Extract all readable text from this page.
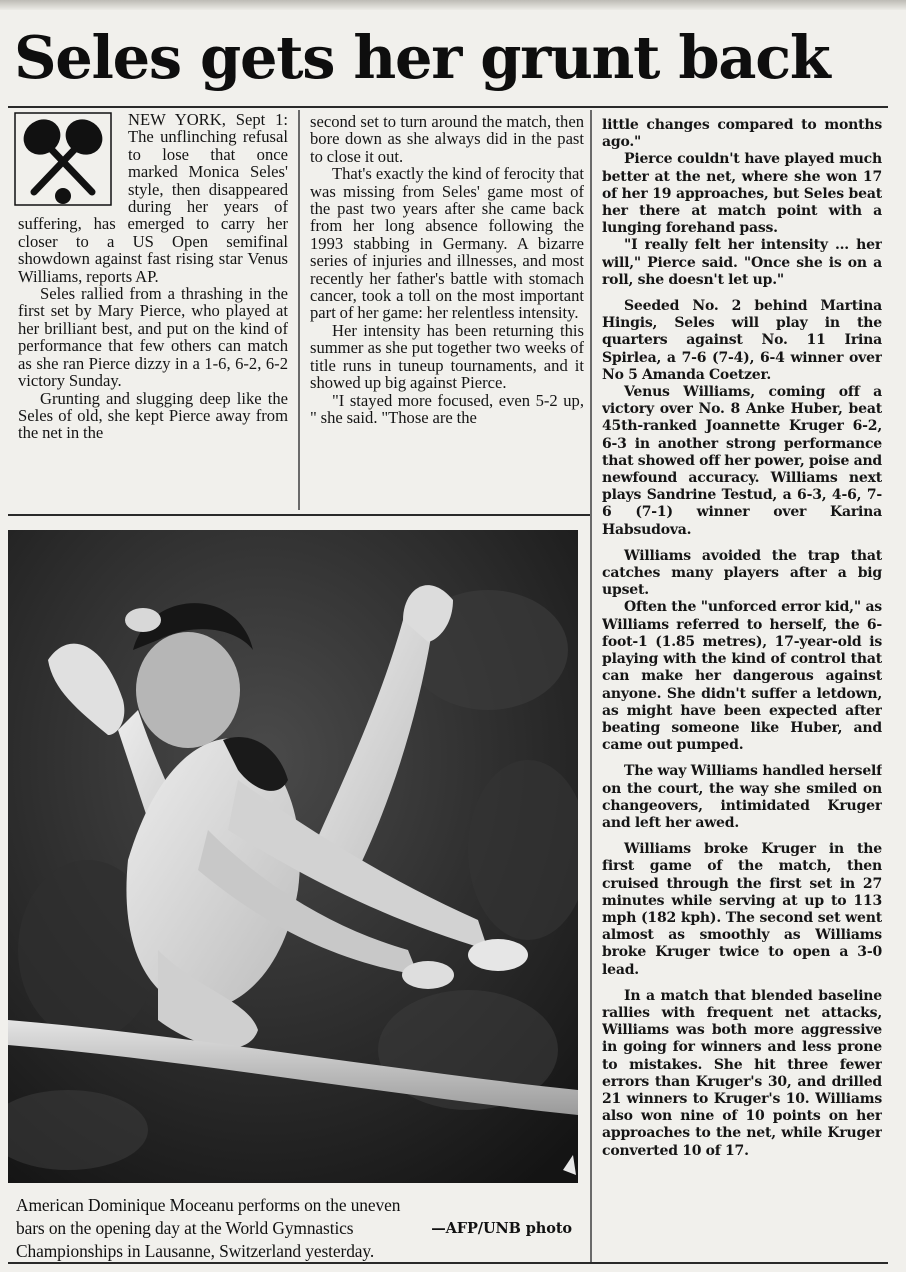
Seles gets her grunt back

NEW YORK, Sept 1: The unflinching refusal to lose that once marked Monica Seles' style, then disappeared during her years of suffering, has emerged to carry her closer to a US Open semifinal showdown against fast rising star Venus Williams, reports AP.

Seles rallied from a thrashing in the first set by Mary Pierce, who played at her brilliant best, and put on the kind of performance that few others can match as she ran Pierce dizzy in a 1-6, 6-2, 6-2 victory Sunday.

Grunting and slugging deep like the Seles of old, she kept Pierce away from the net in the

second set to turn around the match, then bore down as she always did in the past to close it out.

That's exactly the kind of ferocity that was missing from Seles' game most of the past two years after she came back from her long absence following the 1993 stabbing in Germany. A bizarre series of injuries and illnesses, and most recently her father's battle with stomach cancer, took a toll on the most important part of her game: her relentless intensity.

Her intensity has been returning this summer as she put together two weeks of title runs in tuneup tournaments, and it showed up big against Pierce.

"I stayed more focused, even 5-2 up, " she said. "Those are the

little changes compared to months ago."

Pierce couldn't have played much better at the net, where she won 17 of her 19 approaches, but Seles beat her there at match point with a lunging forehand pass.

"I really felt her intensity ... her will," Pierce said. "Once she is on a roll, she doesn't let up."

Seeded No. 2 behind Martina Hingis, Seles will play in the quarters against No. 11 Irina Spirlea, a 7-6 (7-4), 6-4 winner over No 5 Amanda Coetzer.

Venus Williams, coming off a victory over No. 8 Anke Huber, beat 45th-ranked Joannette Kruger 6-2, 6-3 in another strong performance that showed off her power, poise and newfound accuracy. Williams next plays Sandrine Testud, a 6-3, 4-6, 7-6 (7-1) winner over Karina Habsudova.

Williams avoided the trap that catches many players after a big upset.

Often the "unforced error kid," as Williams referred to herself, the 6-foot-1 (1.85 metres), 17-year-old is playing with the kind of control that can make her dangerous against anyone. She didn't suffer a letdown, as might have been expected after beating someone like Huber, and came out pumped.

The way Williams handled herself on the court, the way she smiled on changeovers, intimidated Kruger and left her awed.

Williams broke Kruger in the first game of the match, then cruised through the first set in 27 minutes while serving at up to 113 mph (182 kph). The second set went almost as smoothly as Williams broke Kruger twice to open a 3-0 lead.

In a match that blended baseline rallies with frequent net attacks, Williams was both more aggressive in going for winners and less prone to mistakes. She hit three fewer errors than Kruger's 30, and drilled 21 winners to Kruger's 10. Williams also won nine of 10 points on her approaches to the net, while Kruger converted 10 of 17.

—AFP/UNB photo
American Dominique Moceanu performs on the uneven bars on the opening day at the World Gymnastics Championships in Lausanne, Switzerland yesterday.
